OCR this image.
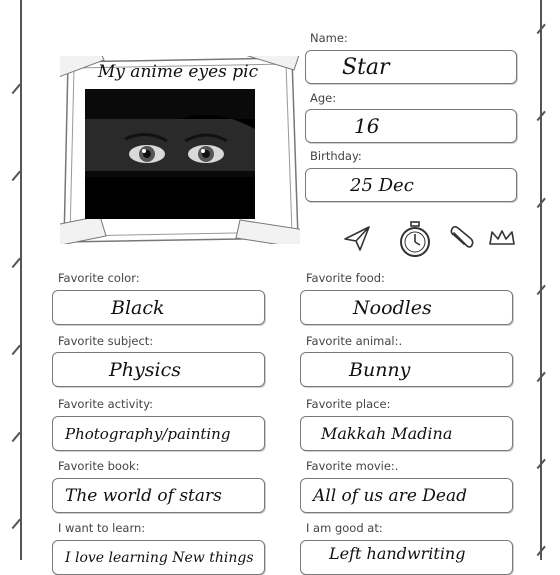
My anime eyes pic
Name:
Star
Age:
16
Birthday:
25 Dec
Favorite color:
Black
Favorite food:
Noodles
Favorite subject:
Physics
Favorite animal:.
Bunny
Favorite activity:
Photography/painting
Favorite place:
Makkah Madina
Favorite book:
The world of stars
Favorite movie:.
All of us are Dead
I want to learn:
I love learning New things
I am good at:
Left handwriting
